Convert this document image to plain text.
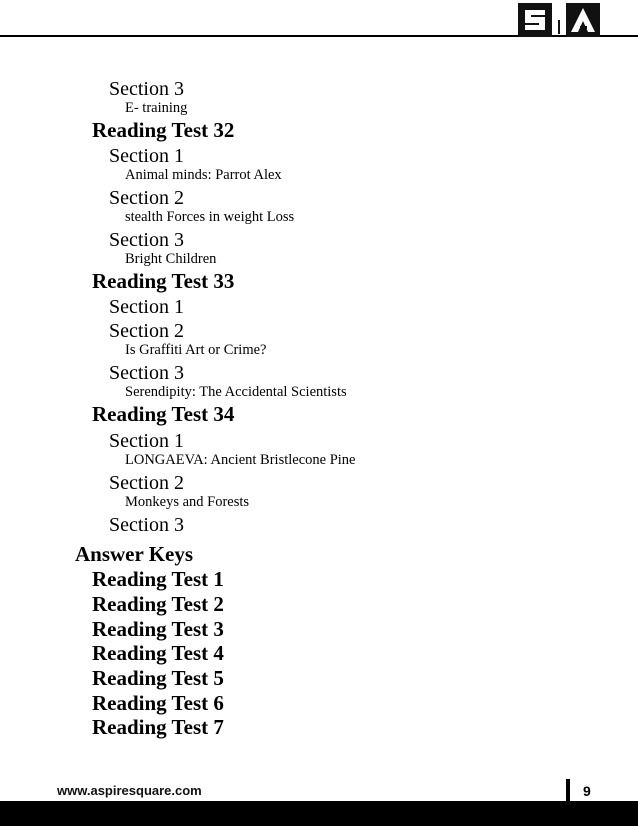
Section 3
E- training
Reading Test 32
Section 1
Animal minds: Parrot Alex
Section 2
stealth Forces in weight Loss
Section 3
Bright Children
Reading Test 33
Section 1
Section 2
Is Graffiti Art or Crime?
Section 3
Serendipity: The Accidental Scientists
Reading Test 34
Section 1
LONGAEVA: Ancient Bristlecone Pine
Section 2
Monkeys and Forests
Section 3
Answer Keys
Reading Test 1
Reading Test 2
Reading Test 3
Reading Test 4
Reading Test 5
Reading Test 6
Reading Test 7
www.aspiresquare.com	9
